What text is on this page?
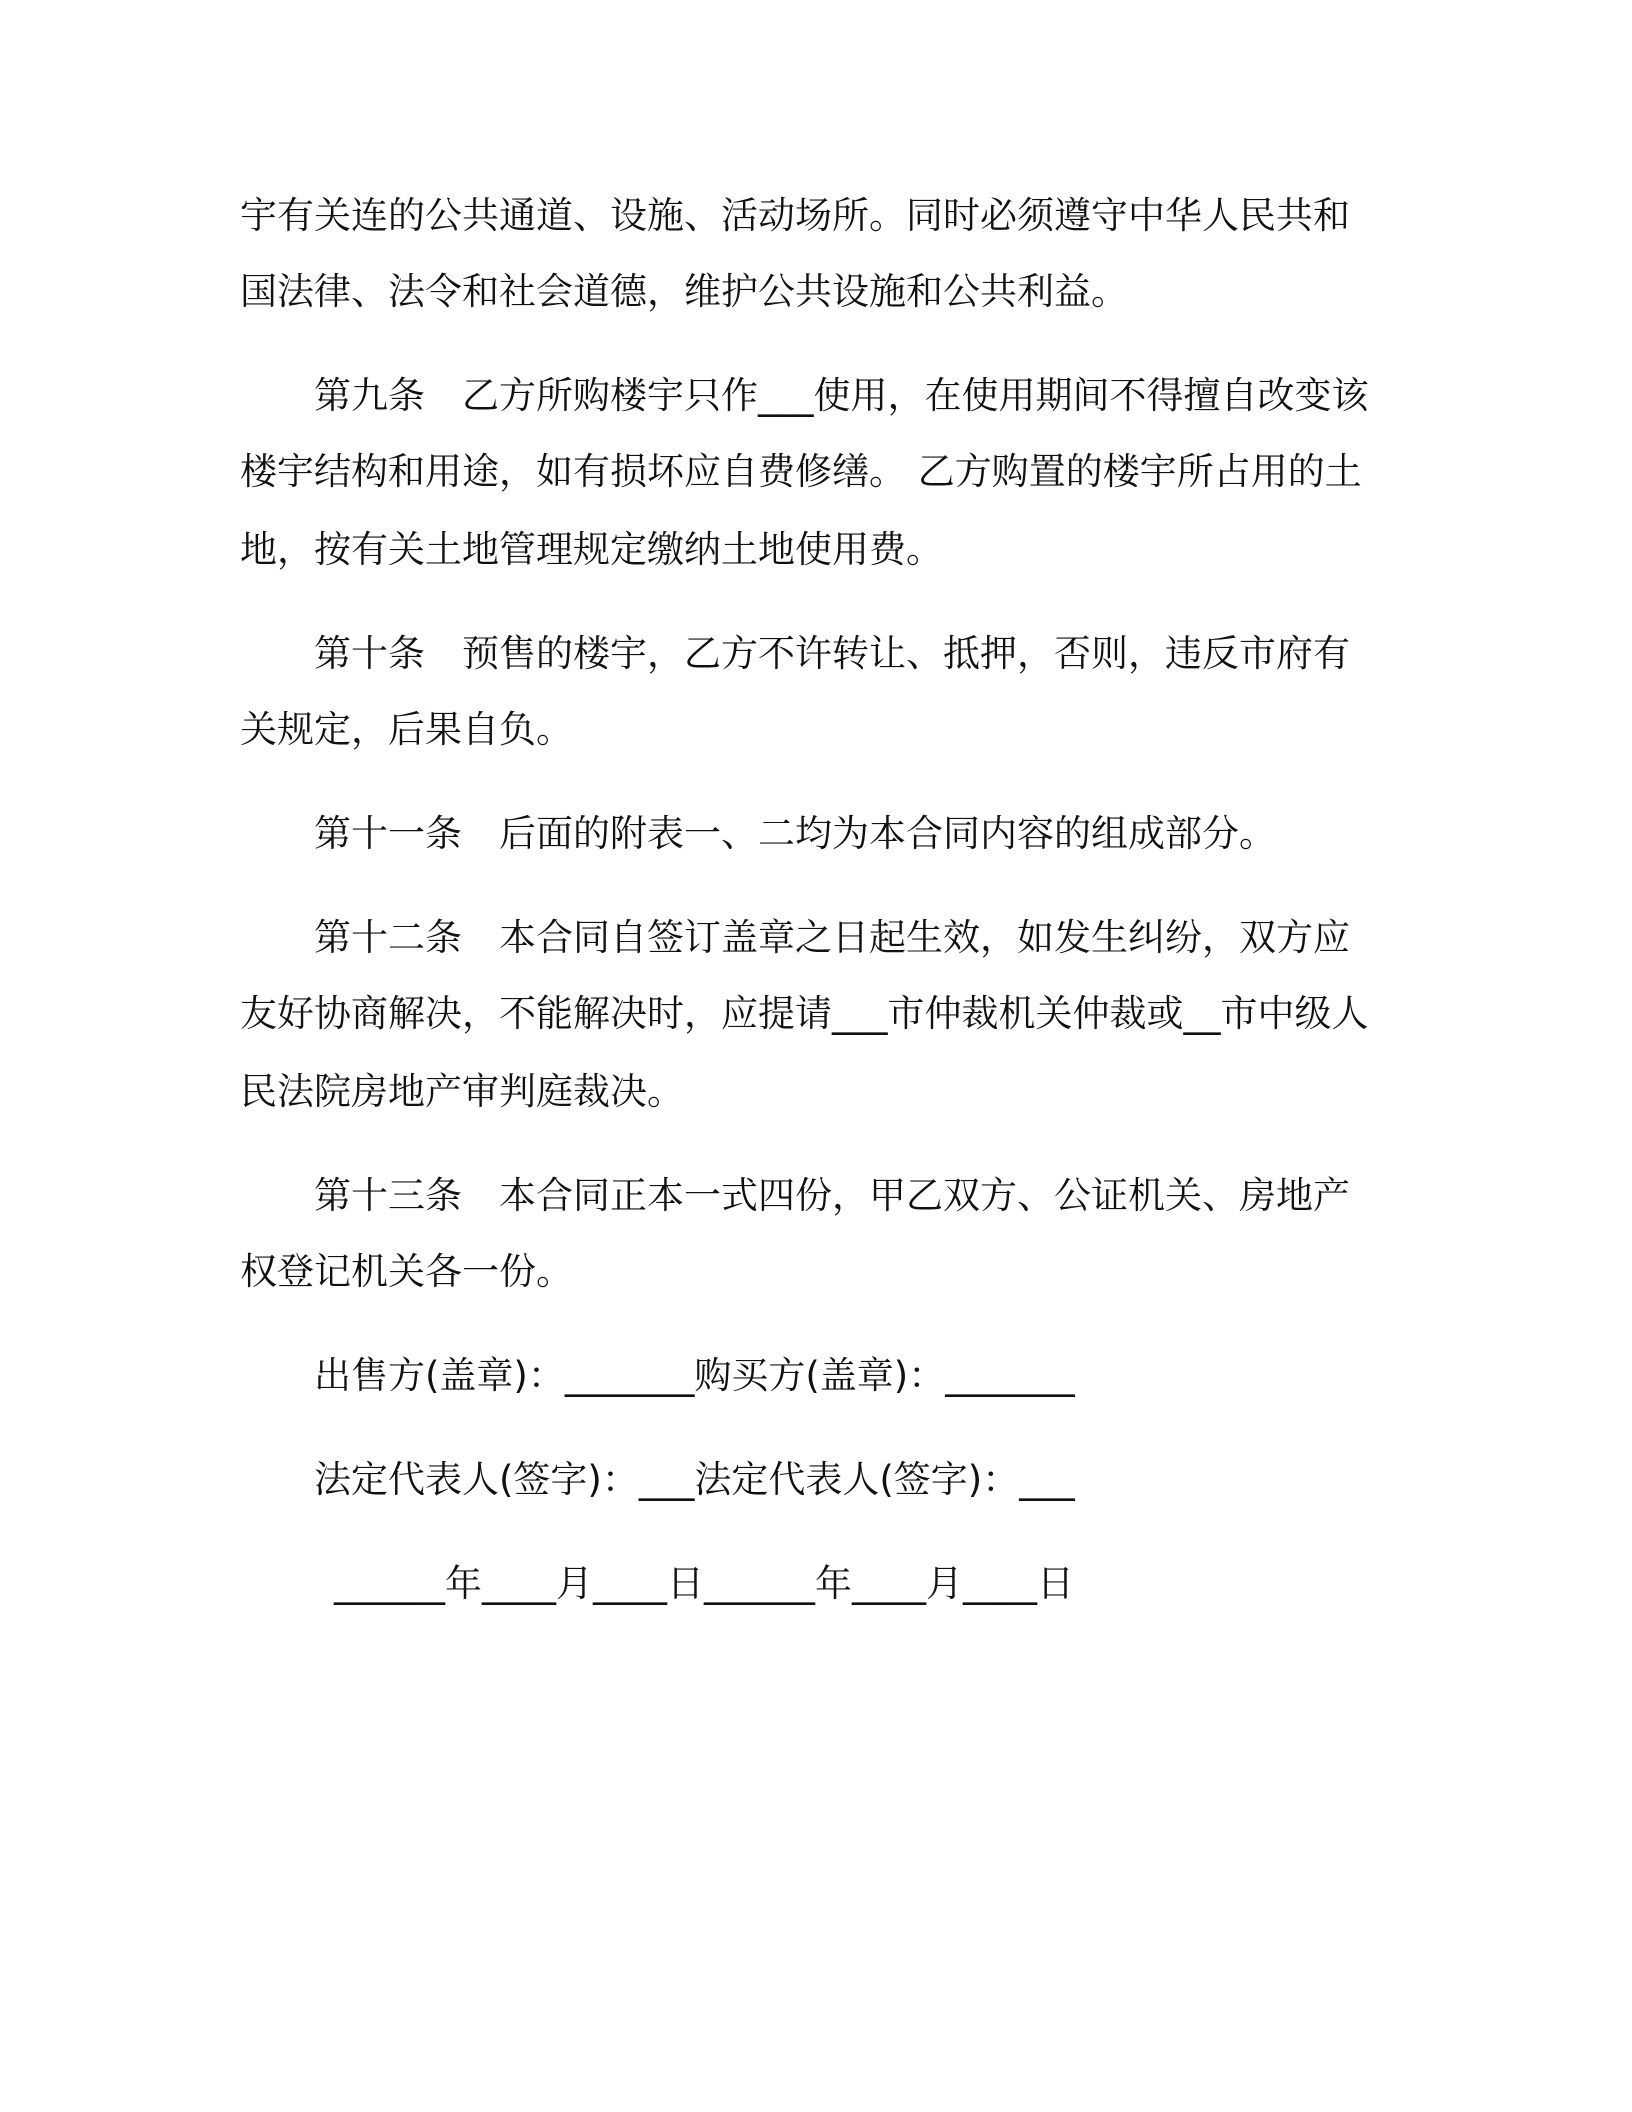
宇有关连的公共通道、设施、活动场所。同时必须遵守中华人民共和
国法律、法令和社会道德，维护公共设施和公共利益。
第九条　乙方所购楼宇只作___使用，在使用期间不得擅自改变该
楼宇结构和用途，如有损坏应自费修缮。 乙方购置的楼宇所占用的土
地，按有关土地管理规定缴纳土地使用费。
第十条　预售的楼宇，乙方不许转让、抵押，否则，违反市府有
关规定，后果自负。
第十一条　后面的附表一、二均为本合同内容的组成部分。
第十二条　本合同自签订盖章之日起生效，如发生纠纷，双方应
友好协商解决，不能解决时，应提请___市仲裁机关仲裁或__市中级人
民法院房地产审判庭裁决。
第十三条　本合同正本一式四份，甲乙双方、公证机关、房地产
权登记机关各一份。
出售方(盖章)：_______购买方(盖章)：_______
法定代表人(签字)：___法定代表人(签字)：___
______年____月____日______年____月____日
